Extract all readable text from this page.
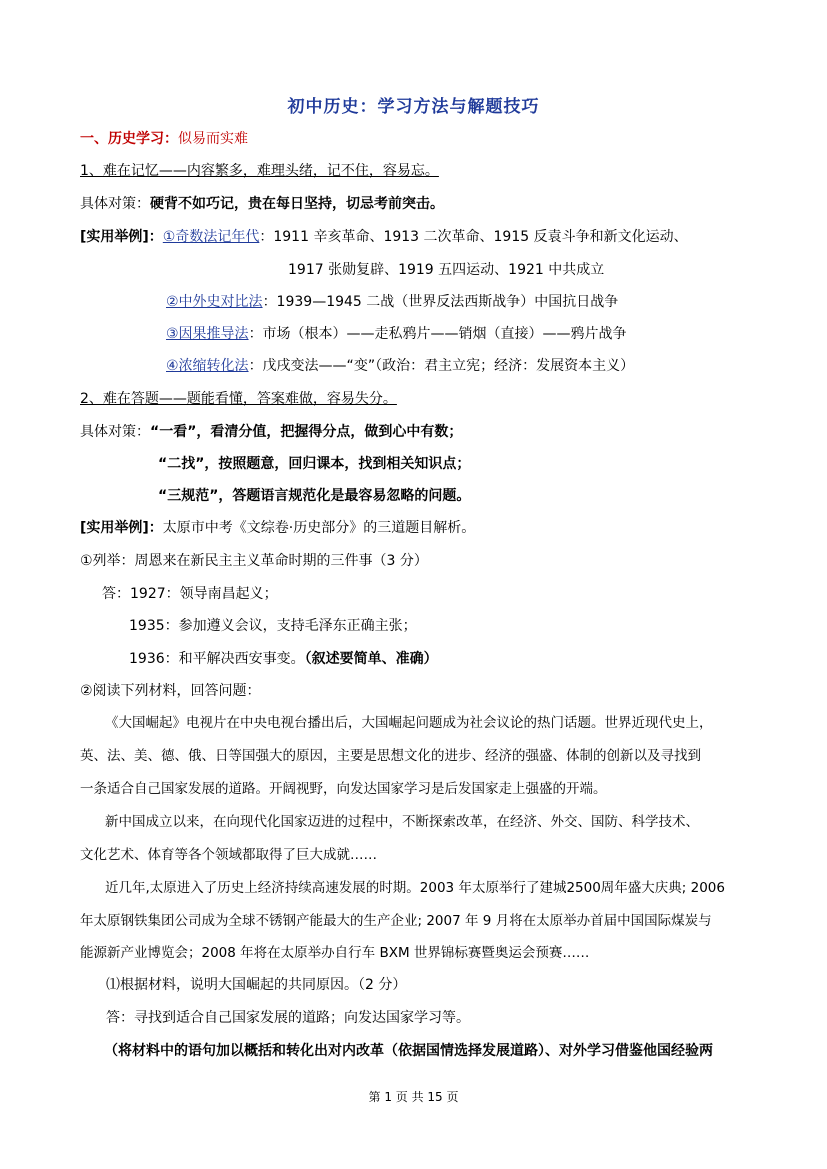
初中历史：学习方法与解题技巧
一、历史学习：似易而实难
1、难在记忆——内容繁多，难理头绪，记不住，容易忘。
具体对策：硬背不如巧记，贵在每日坚持，切忌考前突击。
[实用举例]：①奇数法记年代：1911 辛亥革命、1913 二次革命、1915 反袁斗争和新文化运动、
1917 张勋复辟、1919 五四运动、1921 中共成立
②中外史对比法：1939—1945 二战（世界反法西斯战争）中国抗日战争
③因果推导法：市场（根本）——走私鸦片——销烟（直接）——鸦片战争
④浓缩转化法：戊戌变法——“变”（政治：君主立宪；经济：发展资本主义）
2、难在答题——题能看懂，答案难做，容易失分。
具体对策：“一看”，看清分值，把握得分点，做到心中有数；
“二找”，按照题意，回归课本，找到相关知识点；
“三规范”，答题语言规范化是最容易忽略的问题。
[实用举例]：太原市中考《文综卷·历史部分》的三道题目解析。
①列举：周恩来在新民主主义革命时期的三件事（3 分）
答：1927：领导南昌起义；
1935：参加遵义会议，支持毛泽东正确主张；
1936：和平解决西安事变。（叙述要简单、准确）
②阅读下列材料，回答问题：
《大国崛起》电视片在中央电视台播出后，大国崛起问题成为社会议论的热门话题。世界近现代史上，
英、法、美、德、俄、日等国强大的原因，主要是思想文化的进步、经济的强盛、体制的创新以及寻找到
一条适合自己国家发展的道路。开阔视野，向发达国家学习是后发国家走上强盛的开端。
新中国成立以来，在向现代化国家迈进的过程中，不断探索改革，在经济、外交、国防、科学技术、
文化艺术、体育等各个领域都取得了巨大成就……
近几年,太原进入了历史上经济持续高速发展的时期。2003 年太原举行了建城2500周年盛大庆典; 2006
年太原钢铁集团公司成为全球不锈钢产能最大的生产企业; 2007 年 9 月将在太原举办首届中国国际煤炭与
能源新产业博览会；2008 年将在太原举办自行车 BXM 世界锦标赛暨奥运会预赛……
⑴根据材料，说明大国崛起的共同原因。（2 分）
答：寻找到适合自己国家发展的道路；向发达国家学习等。
（将材料中的语句加以概括和转化出对内改革（依据国情选择发展道路）、对外学习借鉴他国经验两
第 1 页 共 15 页
